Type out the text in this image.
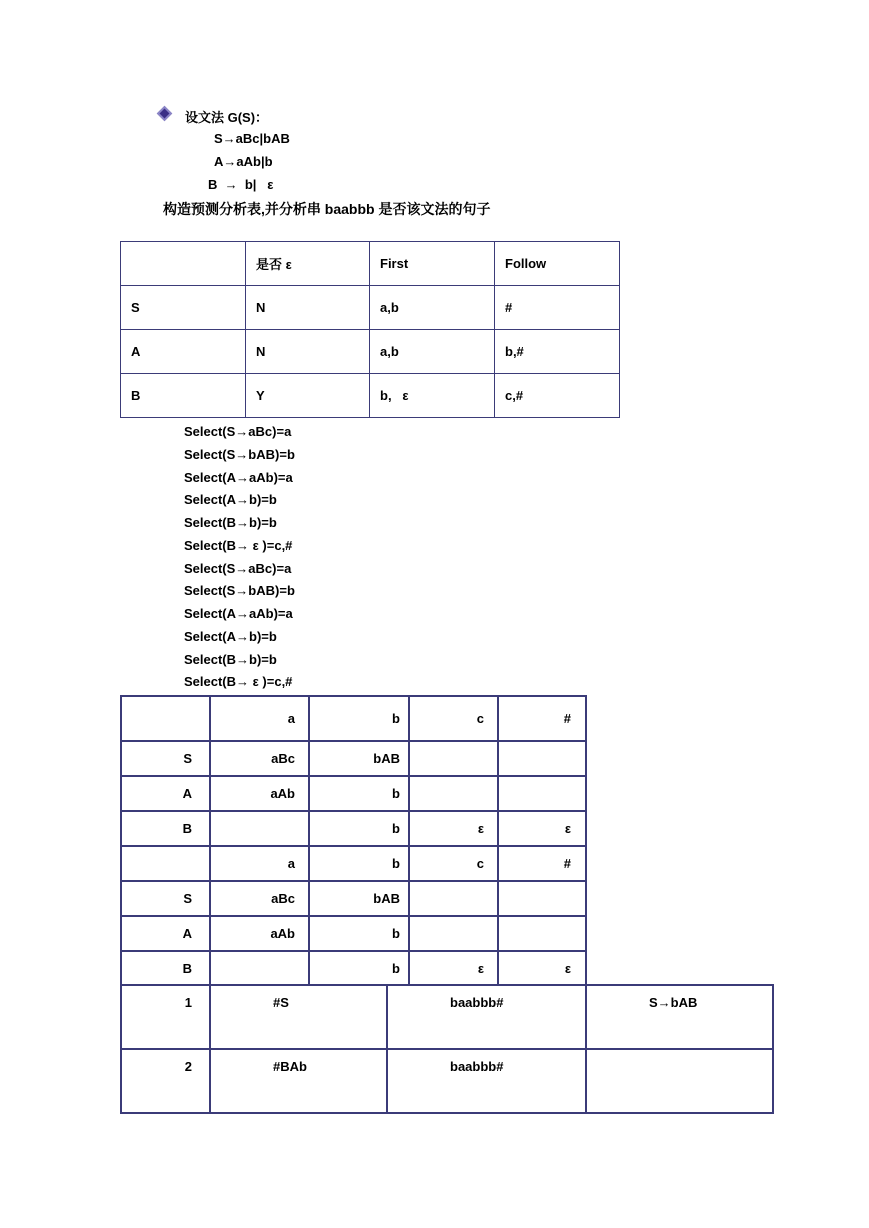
设文法 G(S)：
S→aBc|bAB
A→aAb|b
B  →  b|   ε
构造预测分析表,并分析串 baabbb 是否该文法的句子
	是否 ε	First	Follow
S	N	a,b	#
A	N	a,b	b,#
B	Y	b,   ε	c,#
Select(S→aBc)=a
Select(S→bAB)=b
Select(A→aAb)=a
Select(A→b)=b
Select(B→b)=b
Select(B→ ε )=c,#
Select(S→aBc)=a
Select(S→bAB)=b
Select(A→aAb)=a
Select(A→b)=b
Select(B→b)=b
Select(B→ ε )=c,#
	a	b	c	#
S	aBc	bAB		
A	aAb	b		
B		b	ε	ε
	a	b	c	#
S	aBc	bAB		
A	aAb	b		
B		b	ε	ε
1	#S	baabbb#	S→bAB
2	#BAb	baabbb#	
